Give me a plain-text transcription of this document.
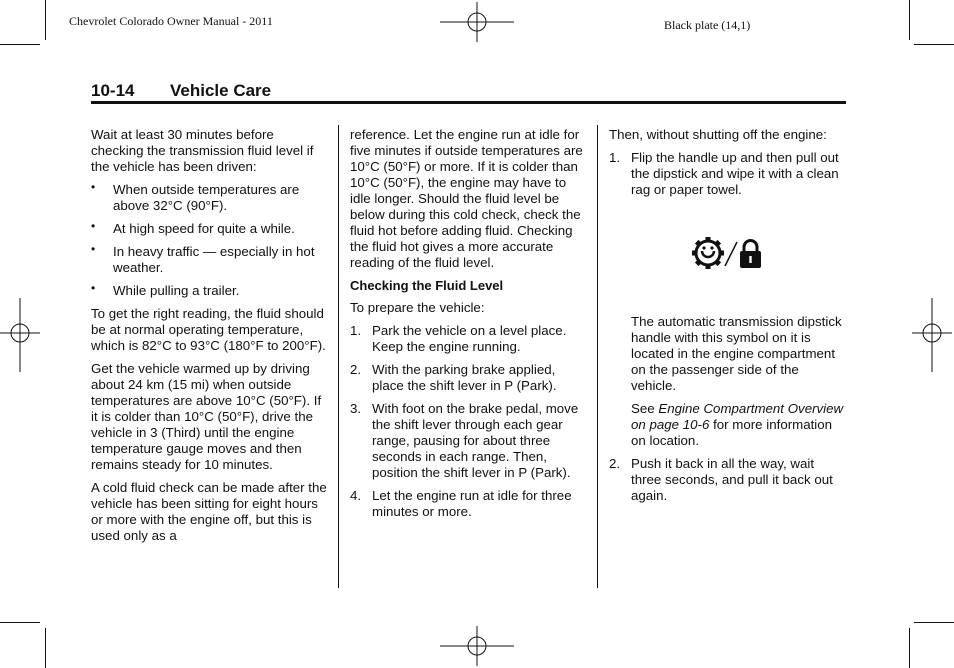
Chevrolet Colorado Owner Manual - 2011	Black plate (14,1)
10-14 Vehicle Care

Wait at least 30 minutes before checking the transmission fluid level if the vehicle has been driven:

• When outside temperatures are above 32°C (90°F).
• At high speed for quite a while.
• In heavy traffic — especially in hot weather.
• While pulling a trailer.

To get the right reading, the fluid should be at normal operating temperature, which is 82°C to 93°C (180°F to 200°F).

Get the vehicle warmed up by driving about 24 km (15 mi) when outside temperatures are above 10°C (50°F). If it is colder than 10°C (50°F), drive the vehicle in 3 (Third) until the engine temperature gauge moves and then remains steady for 10 minutes.

A cold fluid check can be made after the vehicle has been sitting for eight hours or more with the engine off, but this is used only as a

reference. Let the engine run at idle for five minutes if outside temperatures are 10°C (50°F) or more. If it is colder than 10°C (50°F), the engine may have to idle longer. Should the fluid level be below during this cold check, check the fluid hot before adding fluid. Checking the fluid hot gives a more accurate reading of the fluid level.

Checking the Fluid Level

To prepare the vehicle:

1. Park the vehicle on a level place. Keep the engine running.
2. With the parking brake applied, place the shift lever in P (Park).
3. With foot on the brake pedal, move the shift lever through each gear range, pausing for about three seconds in each range. Then, position the shift lever in P (Park).
4. Let the engine run at idle for three minutes or more.

Then, without shutting off the engine:

1. Flip the handle up and then pull out the dipstick and wipe it with a clean rag or paper towel.

The automatic transmission dipstick handle with this symbol on it is located in the engine compartment on the passenger side of the vehicle.

See Engine Compartment Overview on page 10-6 for more information on location.

2. Push it back in all the way, wait three seconds, and pull it back out again.
